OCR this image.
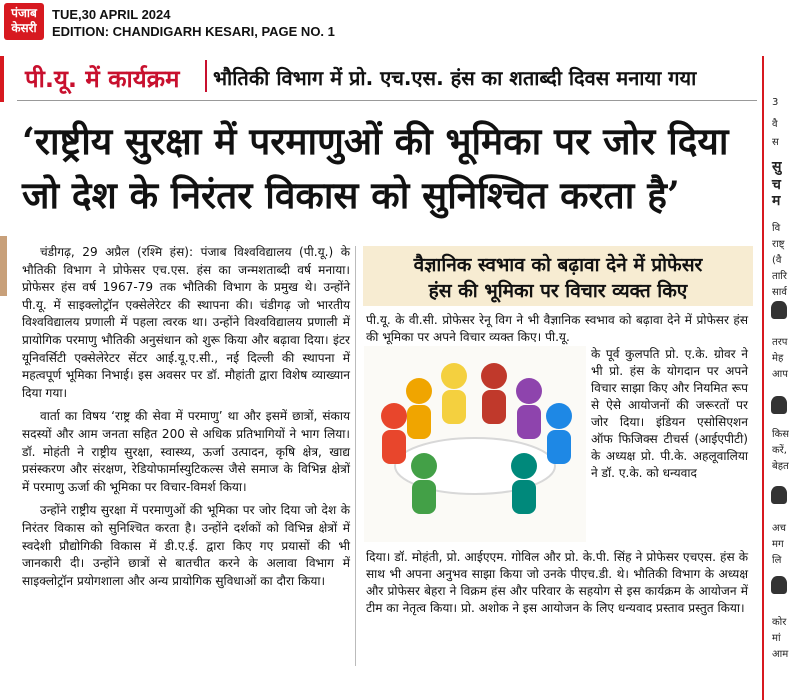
पंजाब
केसरी
TUE,30 APRIL 2024
EDITION: CHANDIGARH KESARI, PAGE NO. 1
पी.यू. में कार्यक्रम भौतिकी विभाग में प्रो. एच.एस. हंस का शताब्दी दिवस मनाया गया
‘राष्ट्रीय सुरक्षा में परमाणुओं की भूमिका पर जोर दिया
जो देश के निरंतर विकास को सुनिश्चित करता है’

चंडीगढ़, 29 अप्रैल (रश्मि हंस): पंजाब विश्वविद्यालय (पी.यू.) के भौतिकी विभाग ने प्रोफेसर एच.एस. हंस का जन्मशताब्दी वर्ष मनाया। प्रोफेसर हंस वर्ष 1967-79 तक भौतिकी विभाग के प्रमुख थे। उन्होंने पी.यू. में साइक्लोट्रॉन एक्सेलेरेटर की स्थापना की। चंडीगढ़ जो भारतीय विश्वविद्यालय प्रणाली में पहला त्वरक था। उन्होंने विश्वविद्यालय प्रणाली में प्रायोगिक परमाणु भौतिकी अनुसंधान को शुरू किया और बढ़ावा दिया। इंटर यूनिवर्सिटी एक्सेलेरेटर सेंटर आई.यू.ए.सी., नई दिल्ली की स्थापना में महत्वपूर्ण भूमिका निभाई। इस अवसर पर डॉ. मौहांती द्वारा विशेष व्याख्यान दिया गया।

वार्ता का विषय ‘राष्ट्र की सेवा में परमाणु’ था और इसमें छात्रों, संकाय सदस्यों और आम जनता सहित 200 से अधिक प्रतिभागियों ने भाग लिया। डॉ. मोहंती ने राष्ट्रीय सुरक्षा, स्वास्थ्य, ऊर्जा उत्पादन, कृषि क्षेत्र, खाद्य प्रसंस्करण और संरक्षण, रेडियोफार्मास्युटिकल्स जैसे समाज के विभिन्न क्षेत्रों में परमाणु ऊर्जा की भूमिका पर विचार-विमर्श किया।

उन्होंने राष्ट्रीय सुरक्षा में परमाणुओं की भूमिका पर जोर दिया जो देश के निरंतर विकास को सुनिश्चित करता है। उन्होंने दर्शकों को विभिन्न क्षेत्रों में स्वदेशी प्रौद्योगिकी विकास में डी.ए.ई. द्वारा किए गए प्रयासों की भी जानकारी दी। उन्होंने छात्रों से बातचीत करने के अलावा विभाग में साइक्लोट्रॉन प्रयोगशाला और अन्य प्रायोगिक सुविधाओं का दौरा किया।

वैज्ञानिक स्वभाव को बढ़ावा देने में प्रोफेसर
हंस की भूमिका पर विचार व्यक्त किए
पी.यू. के वी.सी. प्रोफेसर रेनू विग ने भी वैज्ञानिक स्वभाव को बढ़ावा देने में प्रोफेसर हंस की भूमिका पर अपने विचार व्यक्त किए। पी.यू.
के पूर्व कुलपति प्रो. ए.के. ग्रोवर ने भी प्रो. हंस के योगदान पर अपने विचार साझा किए और नियमित रूप से ऐसे आयोजनों की जरूरतों पर जोर दिया। इंडियन एसोसिएशन ऑफ फिजिक्स टीचर्स (आईएपीटी) के अध्यक्ष प्रो. पी.के. अहलूवालिया ने डॉ. ए.के. को धन्यवाद
दिया। डॉ. मोहंती, प्रो. आईएएम. गोविल और प्रो. के.पी. सिंह ने प्रोफेसर एचएस. हंस के साथ भी अपना अनुभव साझा किया जो उनके पीएच.डी. थे। भौतिकी विभाग के अध्यक्ष और प्रोफेसर बेहरा ने विक्रम हंस और परिवार के सहयोग से इस कार्यक्रम के आयोजन में टीम का नेतृत्व किया। प्रो. अशोक ने इस आयोजन के लिए धन्यवाद प्रस्ताव प्रस्तुत किया।
3
वै
स
सु
च
म
वि
राष्ट्
(वै
तारि
सार्व
तरप
मेह
आप
किस
करें,
बेहत
अच
मग
लि
कोर
मां
आम
